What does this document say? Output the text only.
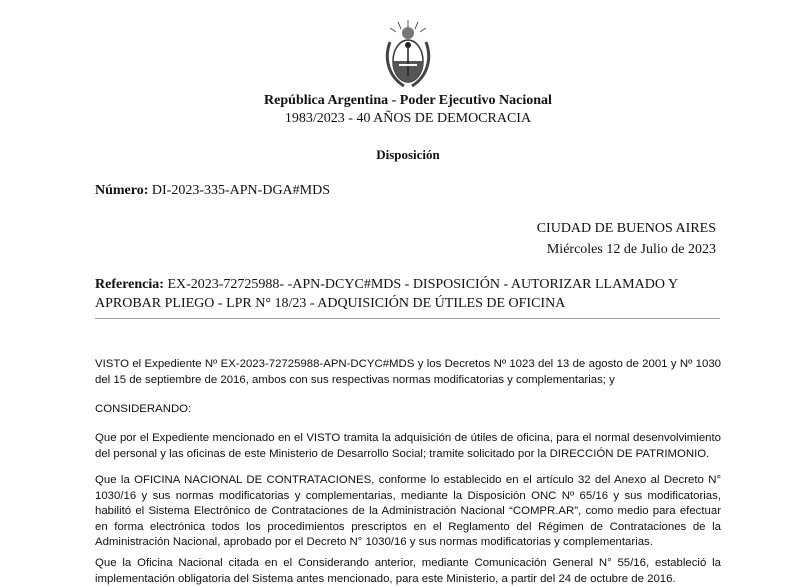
República Argentina - Poder Ejecutivo Nacional
1983/2023 - 40 AÑOS DE DEMOCRACIA
Disposición
Número: DI-2023-335-APN-DGA#MDS
CIUDAD DE BUENOS AIRES
Miércoles 12 de Julio de 2023
Referencia: EX-2023-72725988- -APN-DCYC#MDS - DISPOSICIÓN - AUTORIZAR LLAMADO Y APROBAR PLIEGO - LPR N° 18/23 - ADQUISICIÓN DE ÚTILES DE OFICINA
VISTO el Expediente Nº EX-2023-72725988-APN-DCYC#MDS y los Decretos Nº 1023 del 13 de agosto de 2001 y Nº 1030 del 15 de septiembre de 2016, ambos con sus respectivas normas modificatorias y complementarias; y
CONSIDERANDO:
Que por el Expediente mencionado en el VISTO tramita la adquisición de útiles de oficina, para el normal desenvolvimiento del personal y las oficinas de este Ministerio de Desarrollo Social; tramite solicitado por la DIRECCIÓN DE PATRIMONIO.
Que la OFICINA NACIONAL DE CONTRATACIONES, conforme lo establecido en el artículo 32 del Anexo al Decreto N° 1030/16 y sus normas modificatorias y complementarias, mediante la Disposición ONC Nº 65/16 y sus modificatorias, habilitó el Sistema Electrónico de Contrataciones de la Administración Nacional “COMPR.AR”, como medio para efectuar en forma electrónica todos los procedimientos prescriptos en el Reglamento del Régimen de Contrataciones de la Administración Nacional, aprobado por el Decreto N° 1030/16 y sus normas modificatorias y complementarias.
Que la Oficina Nacional citada en el Considerando anterior, mediante Comunicación General N° 55/16, estableció la implementación obligatoria del Sistema antes mencionado, para este Ministerio, a partir del 24 de octubre de 2016.
